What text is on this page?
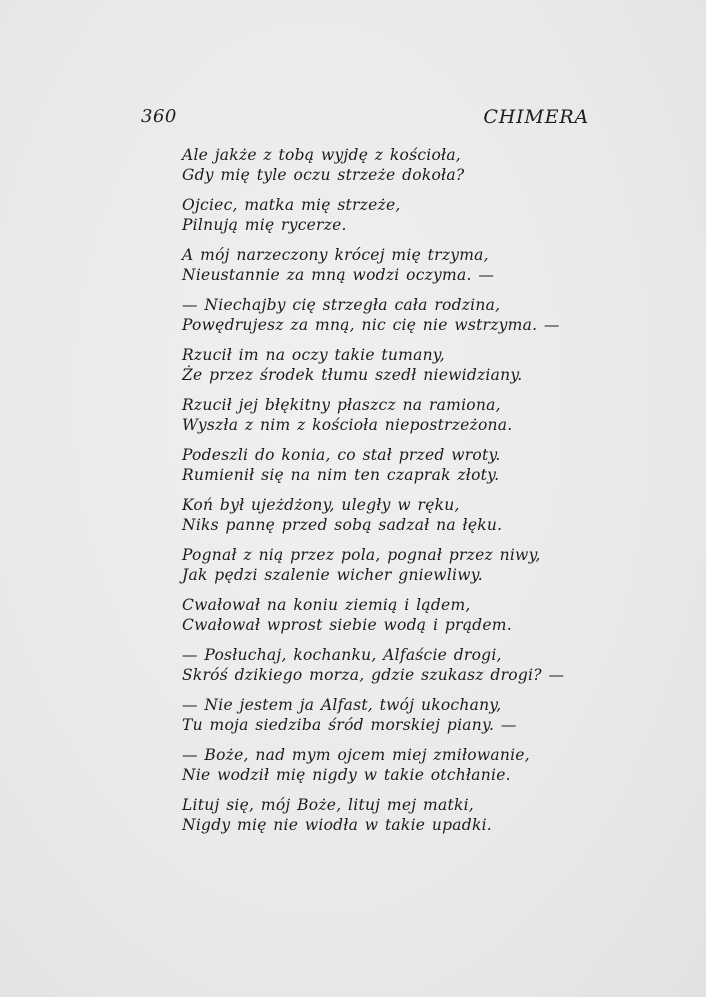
360	CHIMERA
Ale jakże z tobą wyjdę z kościoła,
Gdy mię tyle oczu strzeże dokoła?
Ojciec, matka mię strzeże,
Pilnują mię rycerze.
A mój narzeczony krócej mię trzyma,
Nieustannie za mną wodzi oczyma. —
— Niechajby cię strzegła cała rodzina,
Powędrujesz za mną, nic cię nie wstrzyma. —
Rzucił im na oczy takie tumany,
Że przez środek tłumu szedł niewidziany.
Rzucił jej błękitny płaszcz na ramiona,
Wyszła z nim z kościoła niepostrzeżona.
Podeszli do konia, co stał przed wroty.
Rumienił się na nim ten czaprak złoty.
Koń był ujeżdżony, uległy w ręku,
Niks pannę przed sobą sadzał na łęku.
Pognał z nią przez pola, pognał przez niwy,
Jak pędzi szalenie wicher gniewliwy.
Cwałował na koniu ziemią i lądem,
Cwałował wprost siebie wodą i prądem.
— Posłuchaj, kochanku, Alfaście drogi,
Skróś dzikiego morza, gdzie szukasz drogi? —
— Nie jestem ja Alfast, twój ukochany,
Tu moja siedziba śród morskiej piany. —
— Boże, nad mym ojcem miej zmiłowanie,
Nie wodził mię nigdy w takie otchłanie.
Lituj się, mój Boże, lituj mej matki,
Nigdy mię nie wiodła w takie upadki.
